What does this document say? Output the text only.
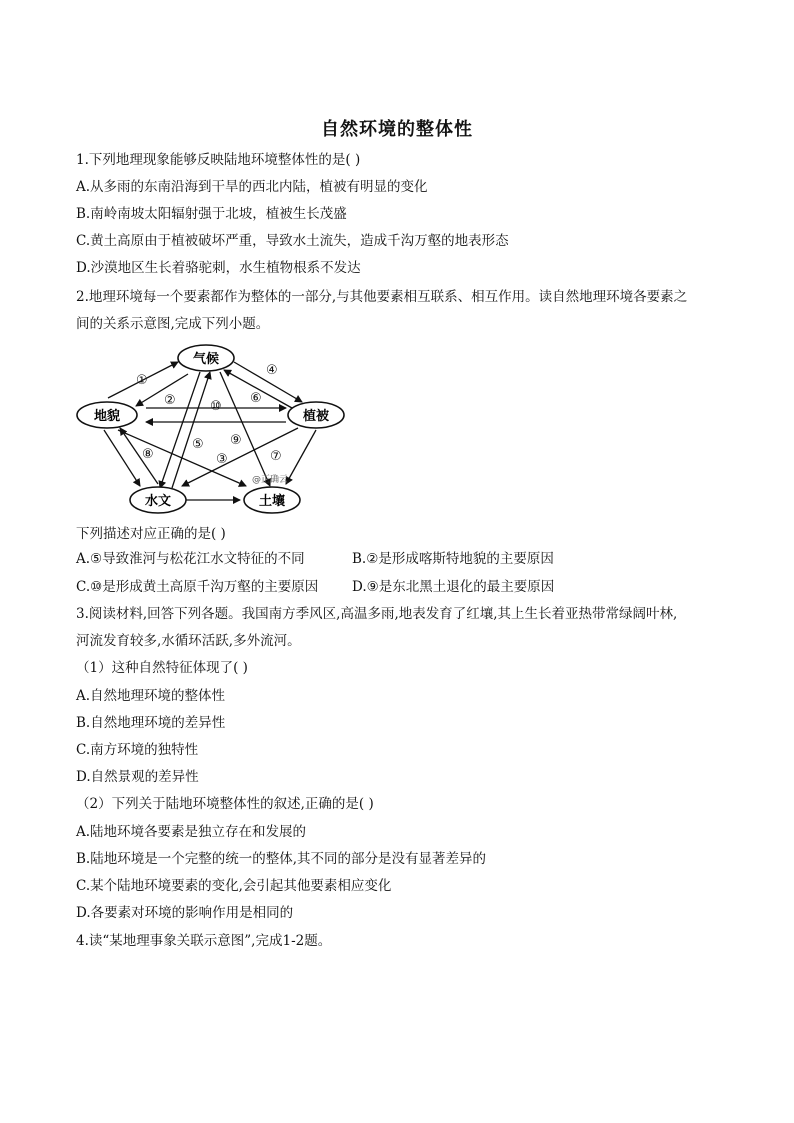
自然环境的整体性
1.下列地理现象能够反映陆地环境整体性的是( )
A.从多雨的东南沿海到干旱的西北内陆，植被有明显的变化
B.南岭南坡太阳辐射强于北坡，植被生长茂盛
C.黄土高原由于植被破坏严重，导致水土流失，造成千沟万壑的地表形态
D.沙漠地区生长着骆驼刺，水生植物根系不发达
2.地理环境每一个要素都作为整体的一部分,与其他要素相互联系、相互作用。读自然地理环境各要素之
间的关系示意图,完成下列小题。
气候
地貌	植被
水文	土壤
①
②
③
④
⑤
⑥
⑦
⑧
⑨
⑩
@正确云
下列描述对应正确的是( )
A.⑤导致淮河与松花江水文特征的不同	B.②是形成喀斯特地貌的主要原因
C.⑩是形成黄土高原千沟万壑的主要原因	D.⑨是东北黑土退化的最主要原因
3.阅读材料,回答下列各题。我国南方季风区,高温多雨,地表发育了红壤,其上生长着亚热带常绿阔叶林,
河流发育较多,水循环活跃,多外流河。
（1）这种自然特征体现了( )
A.自然地理环境的整体性
B.自然地理环境的差异性
C.南方环境的独特性
D.自然景观的差异性
（2）下列关于陆地环境整体性的叙述,正确的是( )
A.陆地环境各要素是独立存在和发展的
B.陆地环境是一个完整的统一的整体,其不同的部分是没有显著差异的
C.某个陆地环境要素的变化,会引起其他要素相应变化
D.各要素对环境的影响作用是相同的
4.读“某地理事象关联示意图”,完成1-2题。
